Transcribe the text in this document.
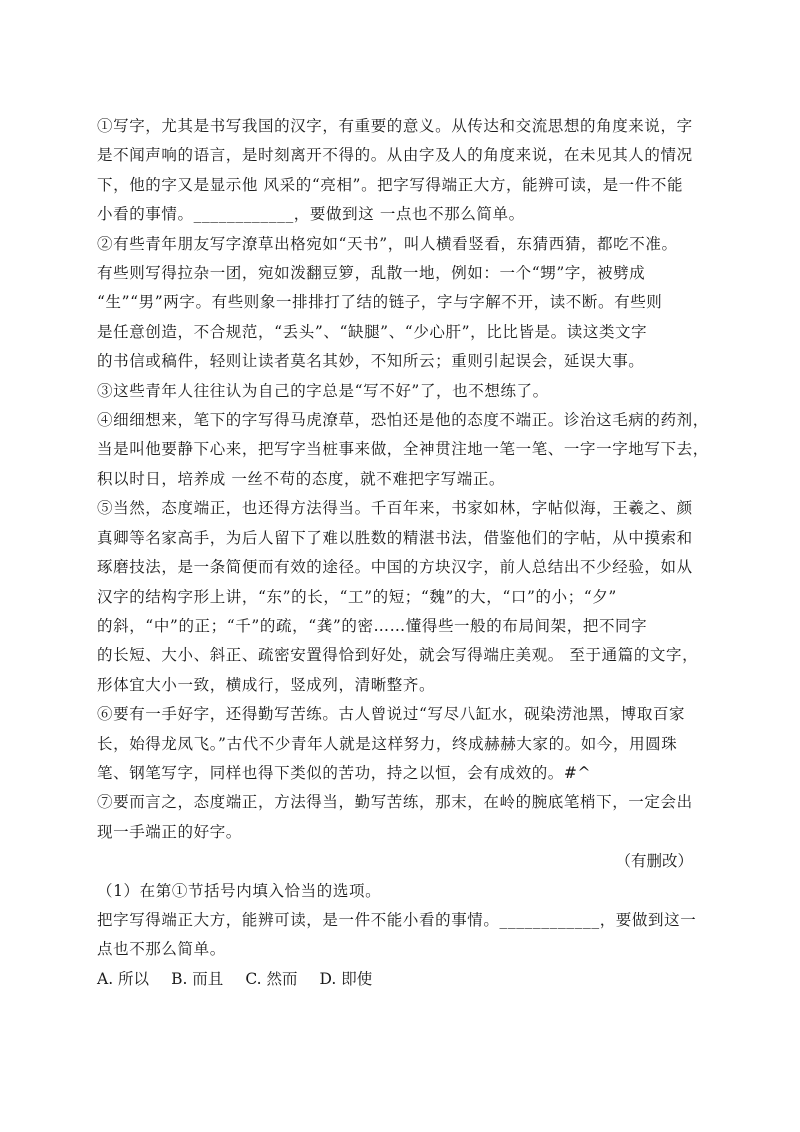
①写字，尤其是书写我国的汉字，有重要的意义。从传达和交流思想的角度来说，字
是不闻声响的语言，是时刻离开不得的。从由字及人的角度来说，在未见其人的情况
下，他的字又是显示他 风采的“亮相”。把字写得端正大方，能辨可读，是一件不能
小看的事情。____________，要做到这 一点也不那么简单。

②有些青年朋友写字潦草出格宛如“天书”，叫人横看竖看，东猜西猜，都吃不准。
有些则写得拉杂一团，宛如泼翻豆箩，乱散一地，例如：一个“甥”字，被劈成
“生”“男”两字。有些则象一排排打了结的链子，字与字解不开，读不断。有些则
是任意创造，不合规范，“丢头”、“缺腿”、“少心肝”，比比皆是。读这类文字
的书信或稿件，轻则让读者莫名其妙，不知所云；重则引起误会，延误大事。

③这些青年人往往认为自己的字总是“写不好”了，也不想练了。

④细细想来，笔下的字写得马虎潦草，恐怕还是他的态度不端正。诊治这毛病的药剂，
当是叫他要静下心来，把写字当桩事来做，全神贯注地一笔一笔、一字一字地写下去，
积以时日，培养成 一丝不苟的态度，就不难把字写端正。

⑤当然，态度端正，也还得方法得当。千百年来，书家如林，字帖似海，王羲之、颜
真卿等名家高手，为后人留下了难以胜数的精湛书法，借鉴他们的字帖，从中摸索和
琢磨技法，是一条简便而有效的途径。中国的方块汉字，前人总结出不少经验，如从
汉字的结构字形上讲，“东”的长，“工”的短；“魏”的大，“口”的小；“夕”
的斜，“中”的正；“千”的疏，“龚”的密……懂得些一般的布局间架，把不同字
的长短、大小、斜正、疏密安置得恰到好处，就会写得端庄美观。 至于通篇的文字，
形体宜大小一致，横成行，竖成列，清晰整齐。

⑥要有一手好字，还得勤写苦练。古人曾说过“写尽八缸水，砚染涝池黑，博取百家
长，始得龙凤飞。”古代不少青年人就是这样努力，终成赫赫大家的。如今，用圆珠
笔、钢笔写字，同样也得下类似的苦功，持之以恒，会有成效的。#^

⑦要而言之，态度端正，方法得当，勤写苦练，那末，在岭的腕底笔梢下，一定会出
现一手端正的好字。

（有删改）

（1）在第①节括号内填入恰当的选项。

把字写得端正大方，能辨可读，是一件不能小看的事情。____________，要做到这一
点也不那么简单。

A. 所以 B. 而且 C. 然而 D. 即使
